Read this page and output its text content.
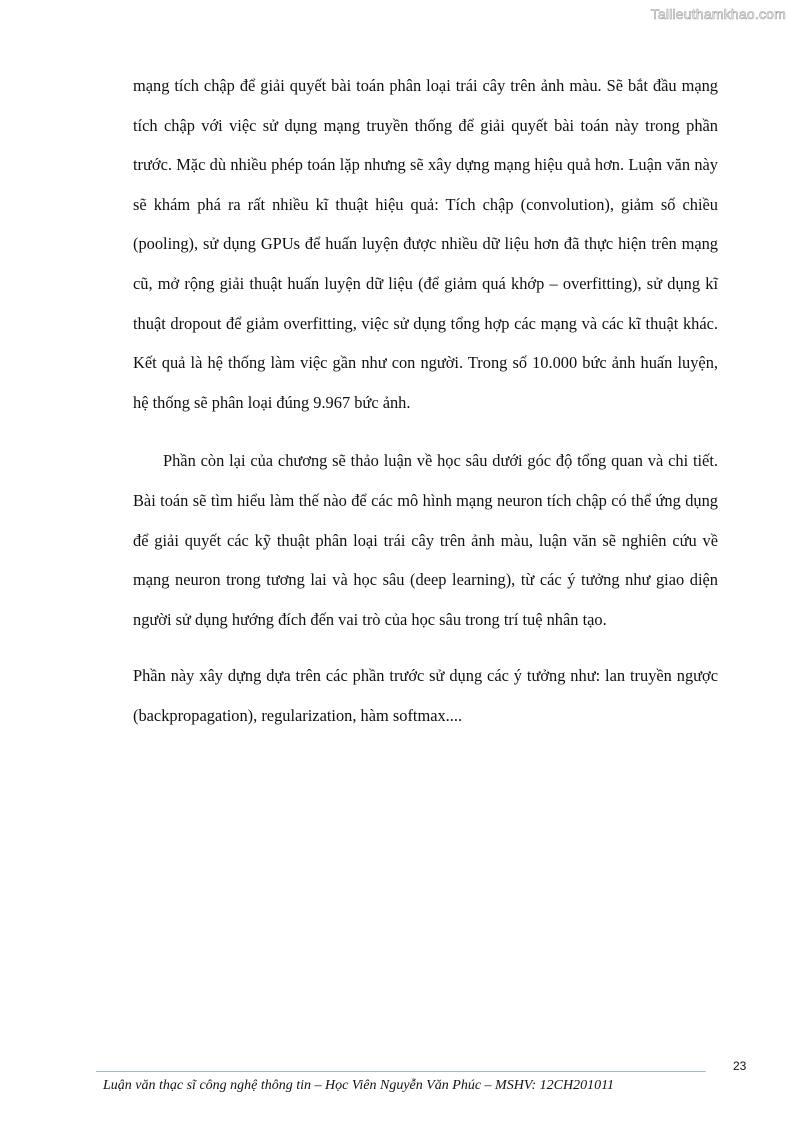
Tailieuthamkhao.com

mạng tích chập để giải quyết bài toán phân loại trái cây trên ảnh màu. Sẽ bắt đầu mạng tích chập với việc sử dụng mạng truyền thống để giải quyết bài toán này trong phần trước. Mặc dù nhiều phép toán lặp nhưng sẽ xây dựng mạng hiệu quả hơn. Luận văn này sẽ khám phá ra rất nhiều kĩ thuật hiệu quả: Tích chập (convolution), giảm số chiều (pooling), sử dụng GPUs để huấn luyện được nhiều dữ liệu hơn đã thực hiện trên mạng cũ, mở rộng giải thuật huấn luyện dữ liệu (để giảm quá khớp – overfitting), sử dụng kĩ thuật dropout để giảm overfitting, việc sử dụng tổng hợp các mạng và các kĩ thuật khác. Kết quả là hệ thống làm việc gần như con người. Trong số 10.000 bức ảnh huấn luyện, hệ thống sẽ phân loại đúng 9.967 bức ảnh.

Phần còn lại của chương sẽ thảo luận về học sâu dưới góc độ tổng quan và chi tiết. Bài toán sẽ tìm hiểu làm thế nào để các mô hình mạng neuron tích chập có thể ứng dụng để giải quyết các kỹ thuật phân loại trái cây trên ảnh màu, luận văn sẽ nghiên cứu về mạng neuron trong tương lai và học sâu (deep learning), từ các ý tưởng như giao diện người sử dụng hướng đích đến vai trò của học sâu trong trí tuệ nhân tạo.

Phần này xây dựng dựa trên các phần trước sử dụng các ý tưởng như: lan truyền ngược (backpropagation), regularization, hàm softmax....

23
Luận văn thạc sĩ công nghệ thông tin – Học Viên Nguyễn Văn Phúc – MSHV: 12CH201011
